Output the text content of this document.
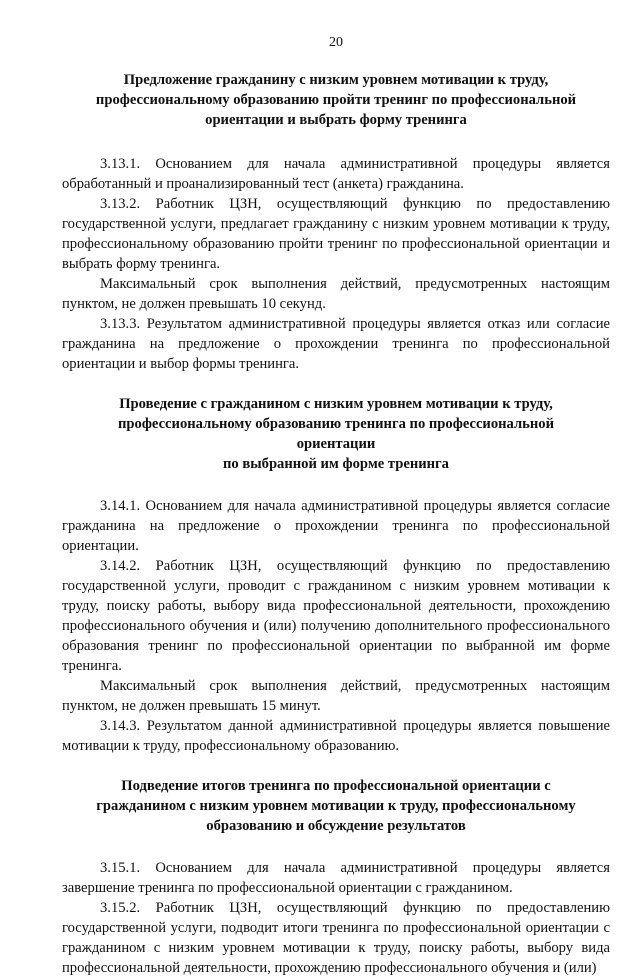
20
Предложение гражданину с низким уровнем мотивации к труду,
профессиональному образованию пройти тренинг по профессиональной
ориентации и выбрать форму тренинга

3.13.1. Основанием для начала административной процедуры является обработанный и проанализированный тест (анкета) гражданина.

3.13.2. Работник ЦЗН, осуществляющий функцию по предоставлению государственной услуги, предлагает гражданину с низким уровнем мотивации к труду, профессиональному образованию пройти тренинг по профессиональной ориентации и выбрать форму тренинга.

Максимальный срок выполнения действий, предусмотренных настоящим пунктом, не должен превышать 10 секунд.

3.13.3. Результатом административной процедуры является отказ или согласие гражданина на предложение о прохождении тренинга по профессиональной ориентации и выбор формы тренинга.

Проведение с гражданином с низким уровнем мотивации к труду,
профессиональному образованию тренинга по профессиональной ориентации
по выбранной им форме тренинга

3.14.1. Основанием для начала административной процедуры является согласие гражданина на предложение о прохождении тренинга по профессиональной ориентации.

3.14.2. Работник ЦЗН, осуществляющий функцию по предоставлению государственной услуги, проводит с гражданином с низким уровнем мотивации к труду, поиску работы, выбору вида профессиональной деятельности, прохождению профессионального обучения и (или) получению дополнительного профессионального образования тренинг по профессиональной ориентации по выбранной им форме тренинга.

Максимальный срок выполнения действий, предусмотренных настоящим пунктом, не должен превышать 15 минут.

3.14.3. Результатом данной административной процедуры является повышение мотивации к труду, профессиональному образованию.

Подведение итогов тренинга по профессиональной ориентации с
гражданином с низким уровнем мотивации к труду, профессиональному
образованию и обсуждение результатов

3.15.1. Основанием для начала административной процедуры является завершение тренинга по профессиональной ориентации с гражданином.

3.15.2. Работник ЦЗН, осуществляющий функцию по предоставлению государственной услуги, подводит итоги тренинга по профессиональной ориентации с гражданином с низким уровнем мотивации к труду, поиску работы, выбору вида профессиональной деятельности, прохождению профессионального обучения и (или)
